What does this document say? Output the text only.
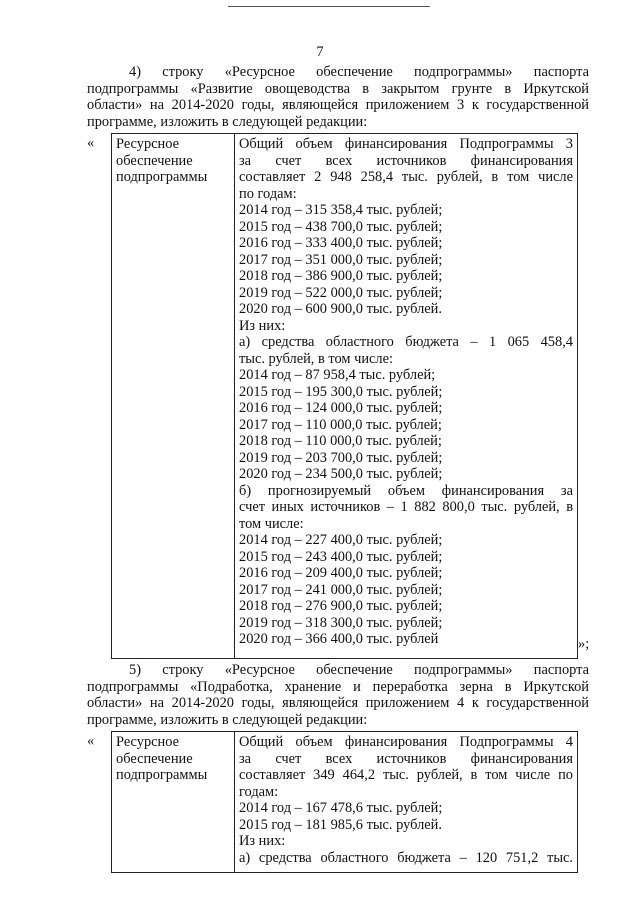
7
4) строку «Ресурсное обеспечение подпрограммы» паспорта
подпрограммы «Развитие овощеводства в закрытом грунте в Иркутской
области» на 2014-2020 годы, являющейся приложением 3 к государственной
программе, изложить в следующей редакции:
« Ресурсное
обеспечение
подпрограммы
Общий объем финансирования Подпрограммы 3
за счет всех источников финансирования
составляет 2 948 258,4 тыс. рублей, в том числе
по годам:
2014 год – 315 358,4 тыс. рублей;
2015 год – 438 700,0 тыс. рублей;
2016 год – 333 400,0 тыс. рублей;
2017 год – 351 000,0 тыс. рублей;
2018 год – 386 900,0 тыс. рублей;
2019 год – 522 000,0 тыс. рублей;
2020 год – 600 900,0 тыс. рублей.
Из них:
а) средства областного бюджета – 1 065 458,4
тыс. рублей, в том числе:
2014 год – 87 958,4 тыс. рублей;
2015 год – 195 300,0 тыс. рублей;
2016 год – 124 000,0 тыс. рублей;
2017 год – 110 000,0 тыс. рублей;
2018 год – 110 000,0 тыс. рублей;
2019 год – 203 700,0 тыс. рублей;
2020 год – 234 500,0 тыс. рублей;
б) прогнозируемый объем финансирования за
счет иных источников – 1 882 800,0 тыс. рублей, в
том числе:
2014 год – 227 400,0 тыс. рублей;
2015 год – 243 400,0 тыс. рублей;
2016 год – 209 400,0 тыс. рублей;
2017 год – 241 000,0 тыс. рублей;
2018 год – 276 900,0 тыс. рублей;
2019 год – 318 300,0 тыс. рублей;
2020 год – 366 400,0 тыс. рублей	»;
5) строку «Ресурсное обеспечение подпрограммы» паспорта
подпрограммы «Подработка, хранение и переработка зерна в Иркутской
области» на 2014-2020 годы, являющейся приложением 4 к государственной
программе, изложить в следующей редакции:
« Ресурсное
обеспечение
подпрограммы
Общий объем финансирования Подпрограммы 4
за счет всех источников финансирования
составляет 349 464,2 тыс. рублей, в том числе по
годам:
2014 год – 167 478,6 тыс. рублей;
2015 год – 181 985,6 тыс. рублей.
Из них:
а) средства областного бюджета – 120 751,2 тыс.
